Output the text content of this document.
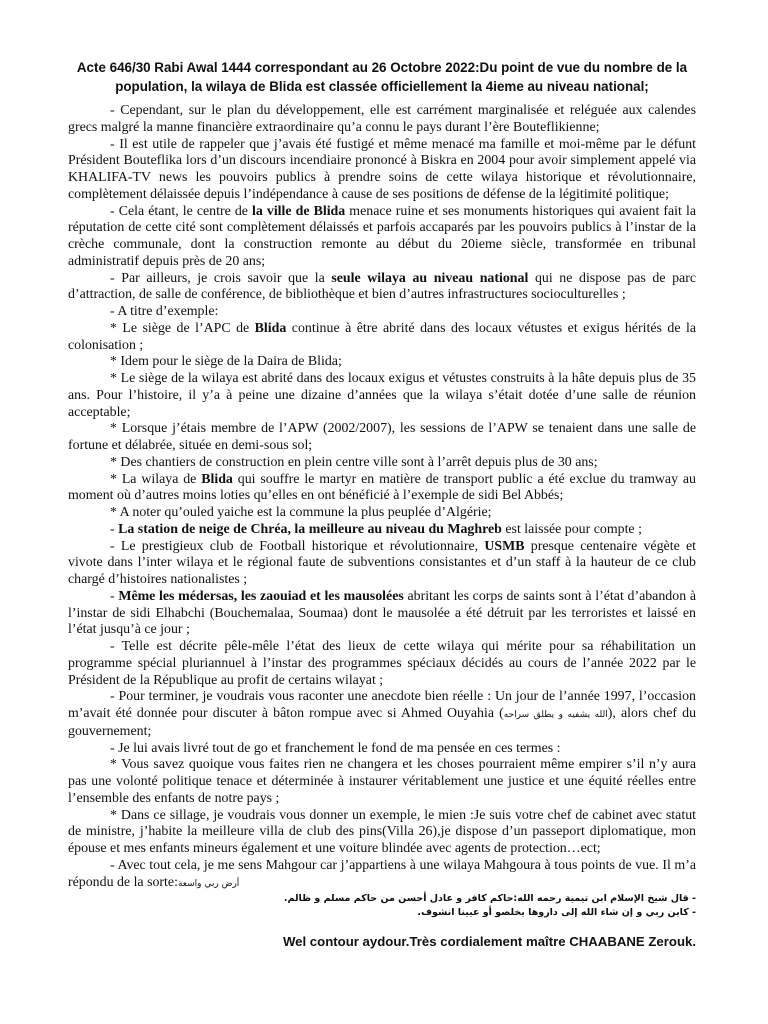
Acte 646/30 Rabi Awal 1444 correspondant au 26 Octobre 2022:Du point de vue du nombre de la population, la wilaya de Blida est classée officiellement la 4ieme au niveau national;

- Cependant, sur le plan du développement, elle est carrément marginalisée et reléguée aux calendes grecs malgré la manne financière extraordinaire qu’a connu le pays durant l’ère Bouteflikienne;

- Il est utile de rappeler que j’avais été fustigé et même menacé ma famille et moi-même par le défunt Président Bouteflika lors d’un discours incendiaire prononcé à Biskra en 2004 pour avoir simplement appelé via KHALIFA-TV news les pouvoirs publics à prendre soins de cette wilaya historique et révolutionnaire, complètement délaissée depuis l’indépendance à cause de ses positions de défense de la légitimité politique;

- Cela étant, le centre de la ville de Blida menace ruine et ses monuments historiques qui avaient fait la réputation de cette cité sont complètement délaissés et parfois accaparés par les pouvoirs publics à l’instar de la crèche communale, dont la construction remonte au début du 20ieme siècle, transformée en tribunal administratif depuis près de 20 ans;

- Par ailleurs, je crois savoir que la seule wilaya au niveau national qui ne dispose pas de parc d’attraction, de salle de conférence, de bibliothèque et bien d’autres infrastructures socioculturelles ;

- A titre d’exemple:

* Le siège de l’APC de Blida continue à être abrité dans des locaux vétustes et exigus hérités de la colonisation ;

* Idem pour le siège de la Daira de Blida;

* Le siège de la wilaya est abrité dans des locaux exigus et vétustes construits à la hâte depuis plus de 35 ans. Pour l’histoire, il y’a à peine une dizaine d’années que la wilaya s’était dotée d’une salle de réunion acceptable;

* Lorsque j’étais membre de l’APW (2002/2007), les sessions de l’APW se tenaient dans une salle de fortune et délabrée, située en demi-sous sol;

* Des chantiers de construction en plein centre ville sont à l’arrêt depuis plus de 30 ans;

* La wilaya de Blida qui souffre le martyr en matière de transport public a été exclue du tramway au moment où d’autres moins loties qu’elles en ont bénéficié à l’exemple de sidi Bel Abbés;

* A noter qu’ouled yaiche est la commune la plus peuplée d’Algérie;

- La station de neige de Chréa, la meilleure au niveau du Maghreb est laissée pour compte ;

- Le prestigieux club de Football historique et révolutionnaire, USMB presque centenaire végète et vivote dans l’inter wilaya et le régional faute de subventions consistantes et d’un staff à la hauteur de ce club chargé d’histoires nationalistes ;

- Même les médersas, les zaouiad et les mausolées abritant les corps de saints sont à l’état d’abandon à l’instar de sidi Elhabchi (Bouchemalaa, Soumaa) dont le mausolée a été détruit par les terroristes et laissé en l’état jusqu’à ce jour ;

- Telle est décrite pêle-mêle l’état des lieux de cette wilaya qui mérite pour sa réhabilitation un programme spécial pluriannuel à l’instar des programmes spéciaux décidés au cours de l’année 2022 par le Président de la République au profit de certains wilayat ;

- Pour terminer, je voudrais vous raconter une anecdote bien réelle : Un jour de l’année 1997, l’occasion m’avait été donnée pour discuter à bâton rompue avec si Ahmed Ouyahia (الله يشفيه و يطلق سراحه), alors chef du gouvernement;

- Je lui avais livré tout de go et franchement le fond de ma pensée en ces termes :

* Vous savez quoique vous faites rien ne changera et les choses pourraient même empirer s’il n’y aura pas une volonté politique tenace et déterminée à instaurer véritablement une justice et une équité réelles entre l’ensemble des enfants de notre pays ;

* Dans ce sillage, je voudrais vous donner un exemple, le mien :Je suis votre chef de cabinet avec statut de ministre, j’habite la meilleure villa de club des pins(Villa 26),je dispose d’un passeport diplomatique, mon épouse et mes enfants mineurs également et une voiture blindée avec agents de protection…ect;

- Avec tout cela, je me sens Mahgour car j’appartiens à une wilaya Mahgoura à tous points de vue. Il m’a répondu de la sorte:أرض ربي واسعة

- قال شيخ الإسلام ابن تيمية رحمه الله:حاكم كافر و عادل أحسن من حاكم مسلم و ظالم.

- كاين ربي و إن شاء الله إلى داروها يخلصو أو عيينا انشوف.

Wel contour aydour.Très cordialement maître CHAABANE Zerouk.
